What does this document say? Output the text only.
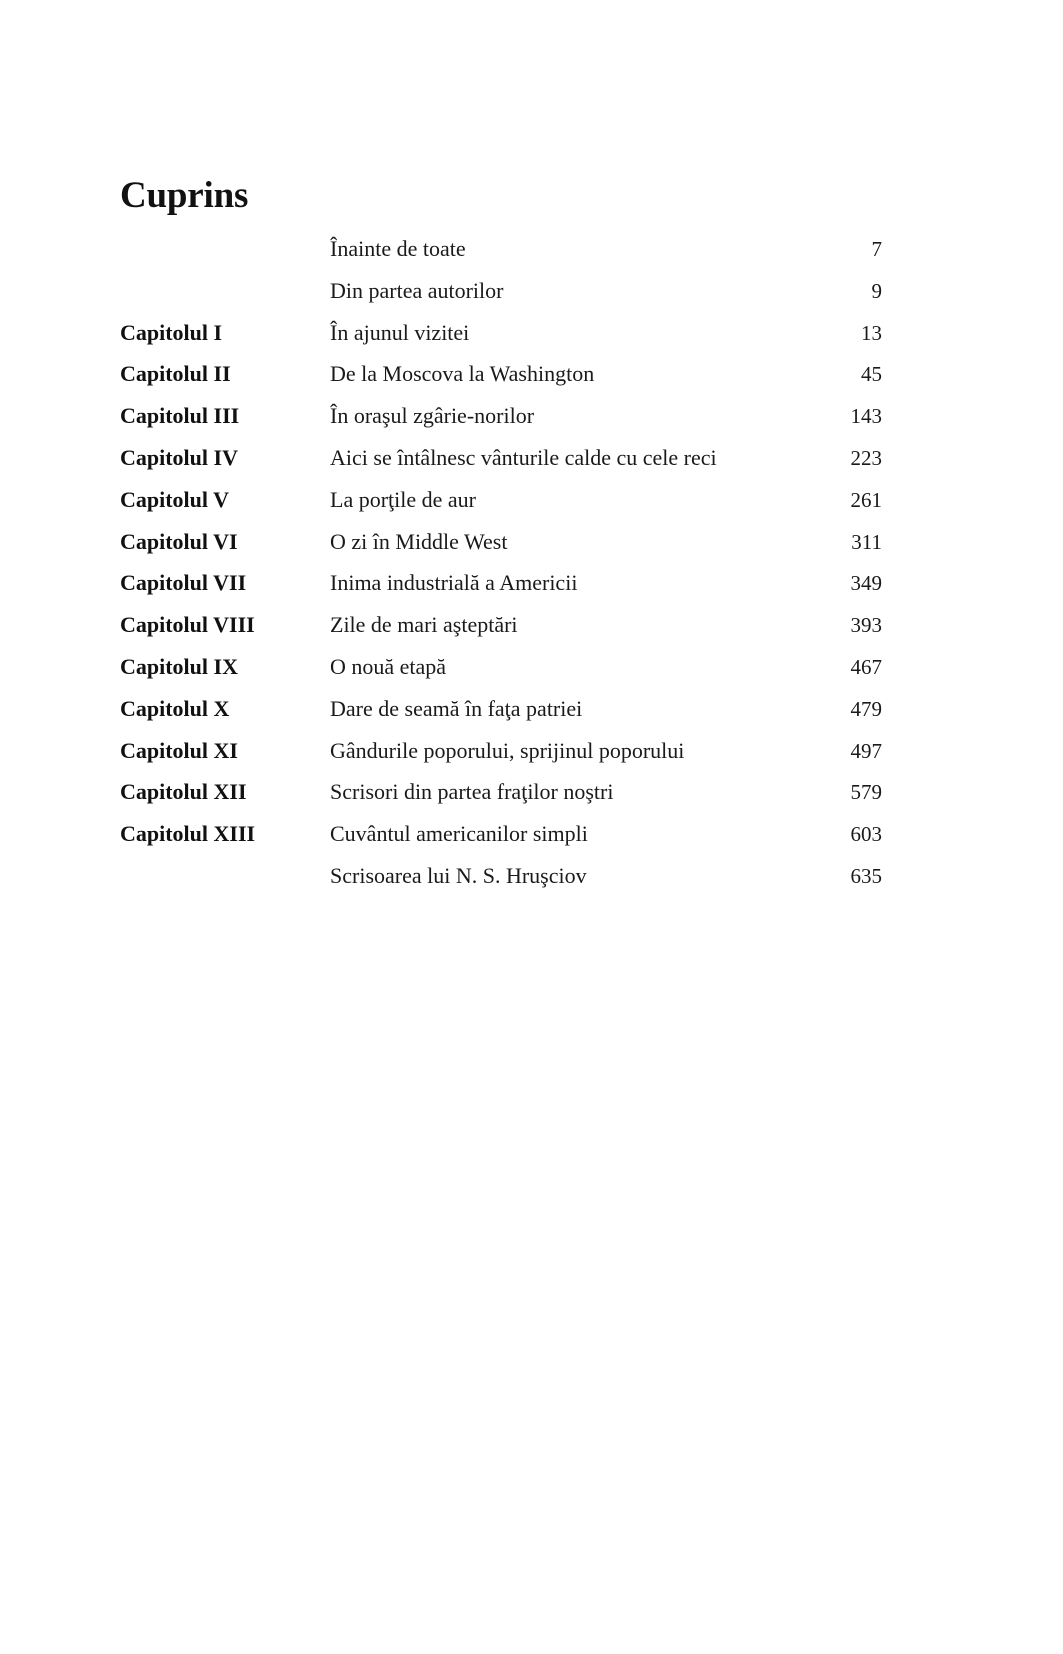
Cuprins
Înainte de toate	7
Din partea autorilor	9
Capitolul I	În ajunul vizitei	13
Capitolul II	De la Moscova la Washington	45
Capitolul III	În oraşul zgârie-norilor	143
Capitolul IV	Aici se întâlnesc vânturile calde cu cele reci	223
Capitolul V	La porţile de aur	261
Capitolul VI	O zi în Middle West	311
Capitolul VII	Inima industrială a Americii	349
Capitolul VIII	Zile de mari aşteptări	393
Capitolul IX	O nouă etapă	467
Capitolul X	Dare de seamă în faţa patriei	479
Capitolul XI	Gândurile poporului, sprijinul poporului	497
Capitolul XII	Scrisori din partea fraţilor noştri	579
Capitolul XIII	Cuvântul americanilor simpli	603
Scrisoarea lui N. S. Hruşciov	635
